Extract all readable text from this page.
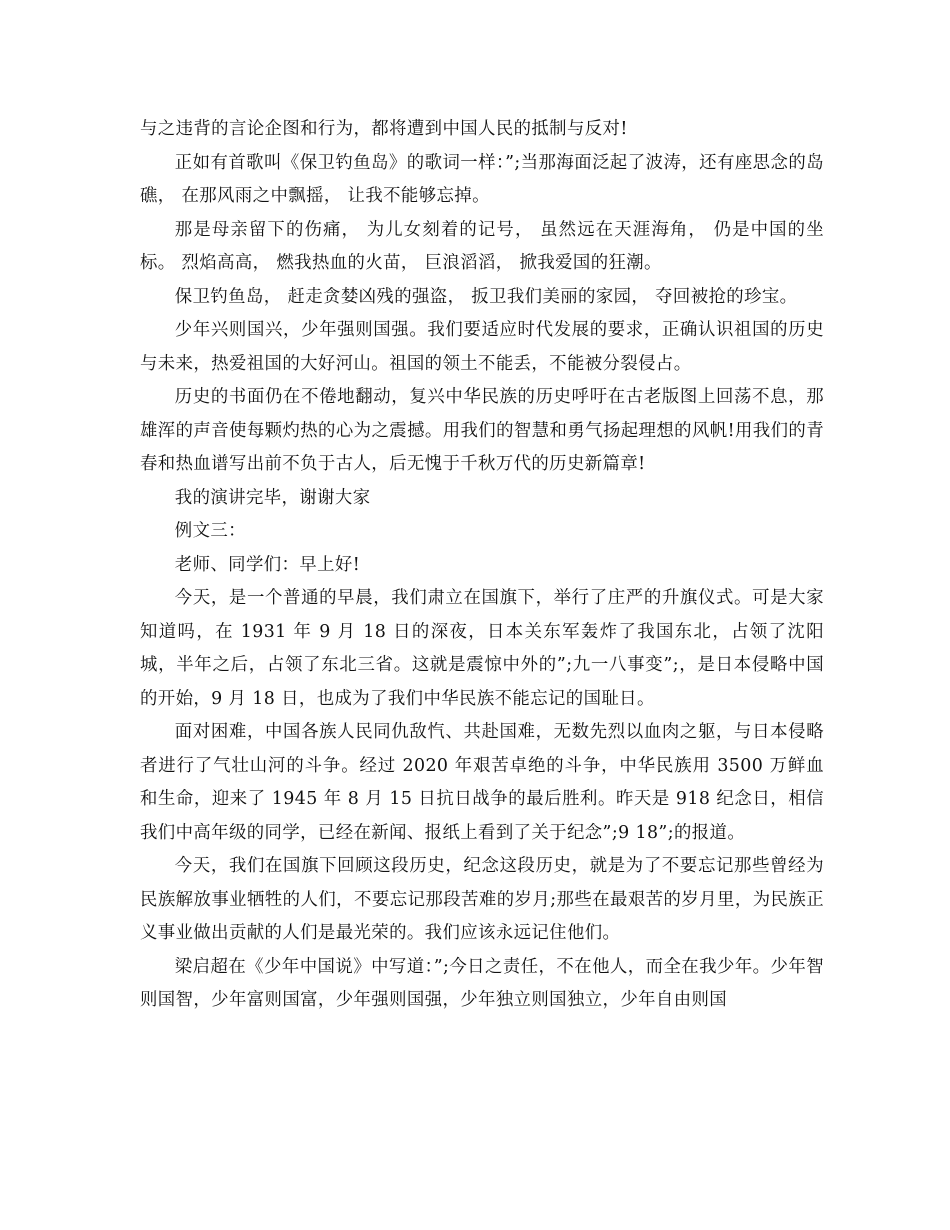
与之违背的言论企图和行为，都将遭到中国人民的抵制与反对!

正如有首歌叫《保卫钓鱼岛》的歌词一样：”;当那海面泛起了波涛，还有座思念的岛礁， 在那风雨之中飘摇， 让我不能够忘掉。

那是母亲留下的伤痛， 为儿女刻着的记号， 虽然远在天涯海角， 仍是中国的坐标。 烈焰高高， 燃我热血的火苗， 巨浪滔滔， 掀我爱国的狂潮。

保卫钓鱼岛， 赶走贪婪凶残的强盗， 扳卫我们美丽的家园， 夺回被抢的珍宝。

少年兴则国兴，少年强则国强。我们要适应时代发展的要求，正确认识祖国的历史与未来，热爱祖国的大好河山。祖国的领土不能丢，不能被分裂侵占。

历史的书面仍在不倦地翻动，复兴中华民族的历史呼吁在古老版图上回荡不息，那雄浑的声音使每颗灼热的心为之震撼。用我们的智慧和勇气扬起理想的风帆!用我们的青春和热血谱写出前不负于古人，后无愧于千秋万代的历史新篇章!

我的演讲完毕，谢谢大家

例文三：

老师、同学们：早上好!

今天，是一个普通的早晨，我们肃立在国旗下，举行了庄严的升旗仪式。可是大家知道吗，在 1931 年 9 月 18 日的深夜，日本关东军轰炸了我国东北，占领了沈阳城，半年之后，占领了东北三省。这就是震惊中外的”;九一八事变”;，是日本侵略中国的开始，9 月 18 日，也成为了我们中华民族不能忘记的国耻日。

面对困难，中国各族人民同仇敌忾、共赴国难，无数先烈以血肉之躯，与日本侵略者进行了气壮山河的斗争。经过 2020 年艰苦卓绝的斗争，中华民族用 3500 万鲜血和生命，迎来了 1945 年 8 月 15 日抗日战争的最后胜利。昨天是 918 纪念日，相信我们中高年级的同学，已经在新闻、报纸上看到了关于纪念”;9 18”;的报道。

今天，我们在国旗下回顾这段历史，纪念这段历史，就是为了不要忘记那些曾经为民族解放事业牺牲的人们，不要忘记那段苦难的岁月;那些在最艰苦的岁月里，为民族正义事业做出贡献的人们是最光荣的。我们应该永远记住他们。

梁启超在《少年中国说》中写道：”;今日之责任，不在他人，而全在我少年。少年智则国智，少年富则国富，少年强则国强，少年独立则国独立，少年自由则国
